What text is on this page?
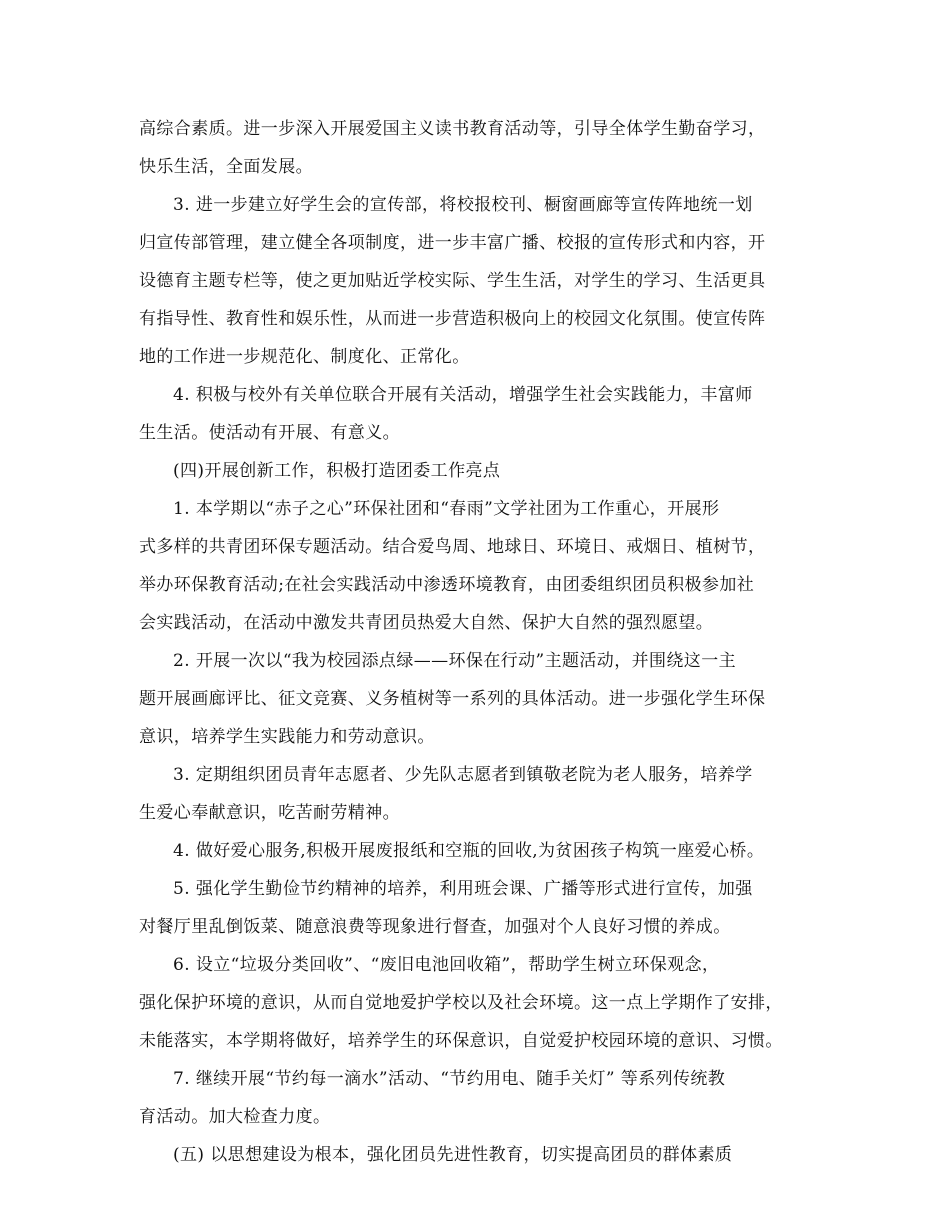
高综合素质。进一步深入开展爱国主义读书教育活动等，引导全体学生勤奋学习，
快乐生活，全面发展。
3. 进一步建立好学生会的宣传部，将校报校刊、橱窗画廊等宣传阵地统一划
归宣传部管理，建立健全各项制度，进一步丰富广播、校报的宣传形式和内容，开
设德育主题专栏等，使之更加贴近学校实际、学生生活，对学生的学习、生活更具
有指导性、教育性和娱乐性，从而进一步营造积极向上的校园文化氛围。使宣传阵
地的工作进一步规范化、制度化、正常化。
4. 积极与校外有关单位联合开展有关活动，增强学生社会实践能力，丰富师
生生活。使活动有开展、有意义。
(四)开展创新工作，积极打造团委工作亮点
1. 本学期以“赤子之心”环保社团和“春雨”文学社团为工作重心，开展形
式多样的共青团环保专题活动。结合爱鸟周、地球日、环境日、戒烟日、植树节，
举办环保教育活动;在社会实践活动中渗透环境教育，由团委组织团员积极参加社
会实践活动，在活动中激发共青团员热爱大自然、保护大自然的强烈愿望。
2. 开展一次以“我为校园添点绿——环保在行动”主题活动，并围绕这一主
题开展画廊评比、征文竞赛、义务植树等一系列的具体活动。进一步强化学生环保
意识，培养学生实践能力和劳动意识。
3. 定期组织团员青年志愿者、少先队志愿者到镇敬老院为老人服务，培养学
生爱心奉献意识，吃苦耐劳精神。
4. 做好爱心服务,积极开展废报纸和空瓶的回收,为贫困孩子构筑一座爱心桥。
5. 强化学生勤俭节约精神的培养，利用班会课、广播等形式进行宣传，加强
对餐厅里乱倒饭菜、随意浪费等现象进行督查，加强对个人良好习惯的养成。
6. 设立“垃圾分类回收”、“废旧电池回收箱”，帮助学生树立环保观念，
强化保护环境的意识，从而自觉地爱护学校以及社会环境。这一点上学期作了安排，
未能落实，本学期将做好，培养学生的环保意识，自觉爱护校园环境的意识、习惯。
7. 继续开展“节约每一滴水”活动、“节约用电、随手关灯” 等系列传统教
育活动。加大检查力度。
(五) 以思想建设为根本，强化团员先进性教育，切实提高团员的群体素质
